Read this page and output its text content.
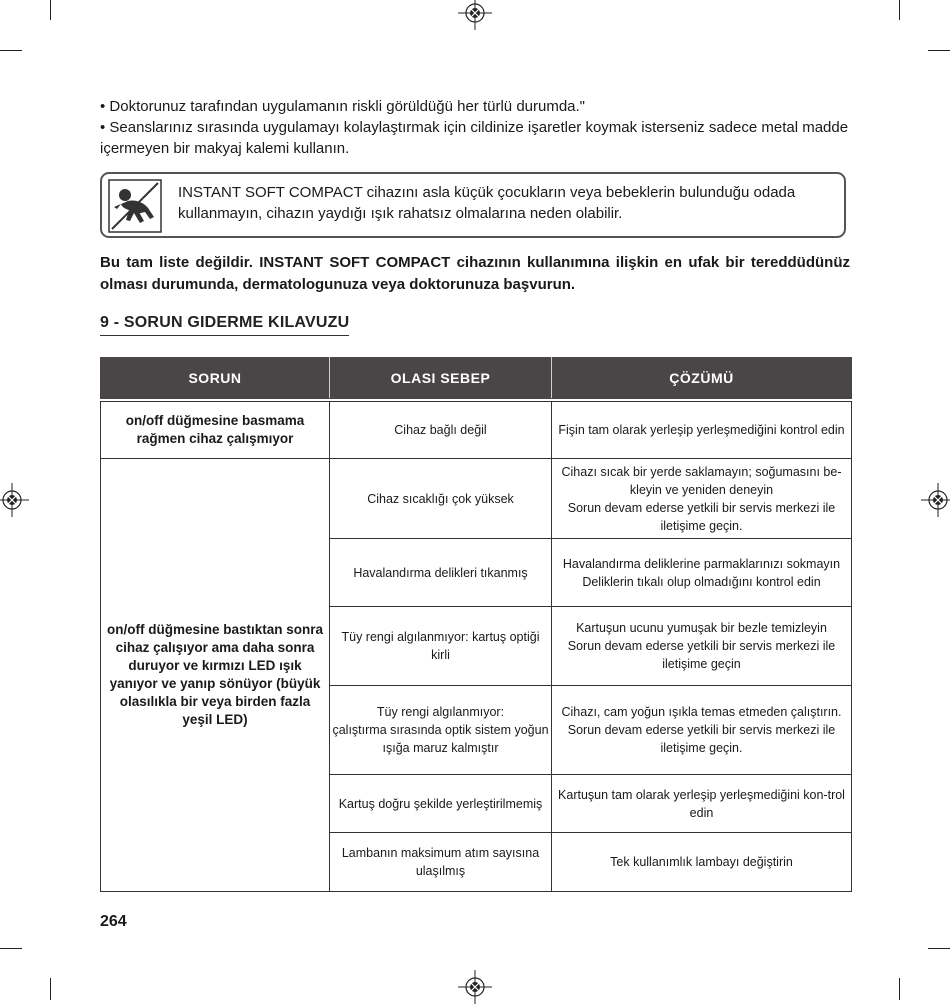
• Doktorunuz tarafından uygulamanın riskli görüldüğü her türlü durumda."

• Seanslarınız sırasında uygulamayı kolaylaştırmak için cildinize işaretler koymak isterseniz sadece metal madde içermeyen bir makyaj kalemi kullanın.

INSTANT SOFT COMPACT cihazını asla küçük çocukların veya bebeklerin bulunduğu odada kullanmayın, cihazın yaydığı ışık rahatsız olmalarına neden olabilir.
Bu tam liste değildir. INSTANT SOFT COMPACT cihazının kullanımına ilişkin en ufak bir tereddüdünüz olması durumunda, dermatologunuza veya doktorunuza başvurun.
9 - SORUN GIDERME KILAVUZU
SORUN	OLASI SEBEP	ÇÖZÜMÜ

on/off düğmesine basmama rağmen cihaz çalışmıyor	Cihaz bağlı değil	Fişin tam olarak yerleşip yerleşmediğini kontrol edin
on/off düğmesine bastıktan sonra cihaz çalışıyor ama daha sonra duruyor ve kırmızı LED ışık yanıyor ve yanıp sönüyor (büyük olasılıkla bir veya birden fazla yeşil LED)	Cihaz sıcaklığı çok yüksek	Cihazı sıcak bir yerde saklamayın; soğumasını be-kleyin ve yeniden deneyin
Sorun devam ederse yetkili bir servis merkezi ile iletişime geçin.

	Havalandırma delikleri tıkanmış	Havalandırma deliklerine parmaklarınızı sokmayın
Deliklerin tıkalı olup olmadığını kontrol edin

	Tüy rengi algılanmıyor: kartuş optiği kirli	Kartuşun ucunu yumuşak bir bezle temizleyin
Sorun devam ederse yetkili bir servis merkezi ile iletişime geçin

	Tüy rengi algılanmıyor:
çalıştırma sırasında optik sistem yoğun ışığa maruz kalmıştır	Cihazı, cam yoğun ışıkla temas etmeden çalıştırın.
Sorun devam ederse yetkili bir servis merkezi ile iletişime geçin.

	Kartuş doğru şekilde yerleştirilmemiş	Kartuşun tam olarak yerleşip yerleşmediğini kon-trol edin

	Lambanın maksimum atım sayısına ulaşılmış	Tek kullanımlık lambayı değiştirin
264
